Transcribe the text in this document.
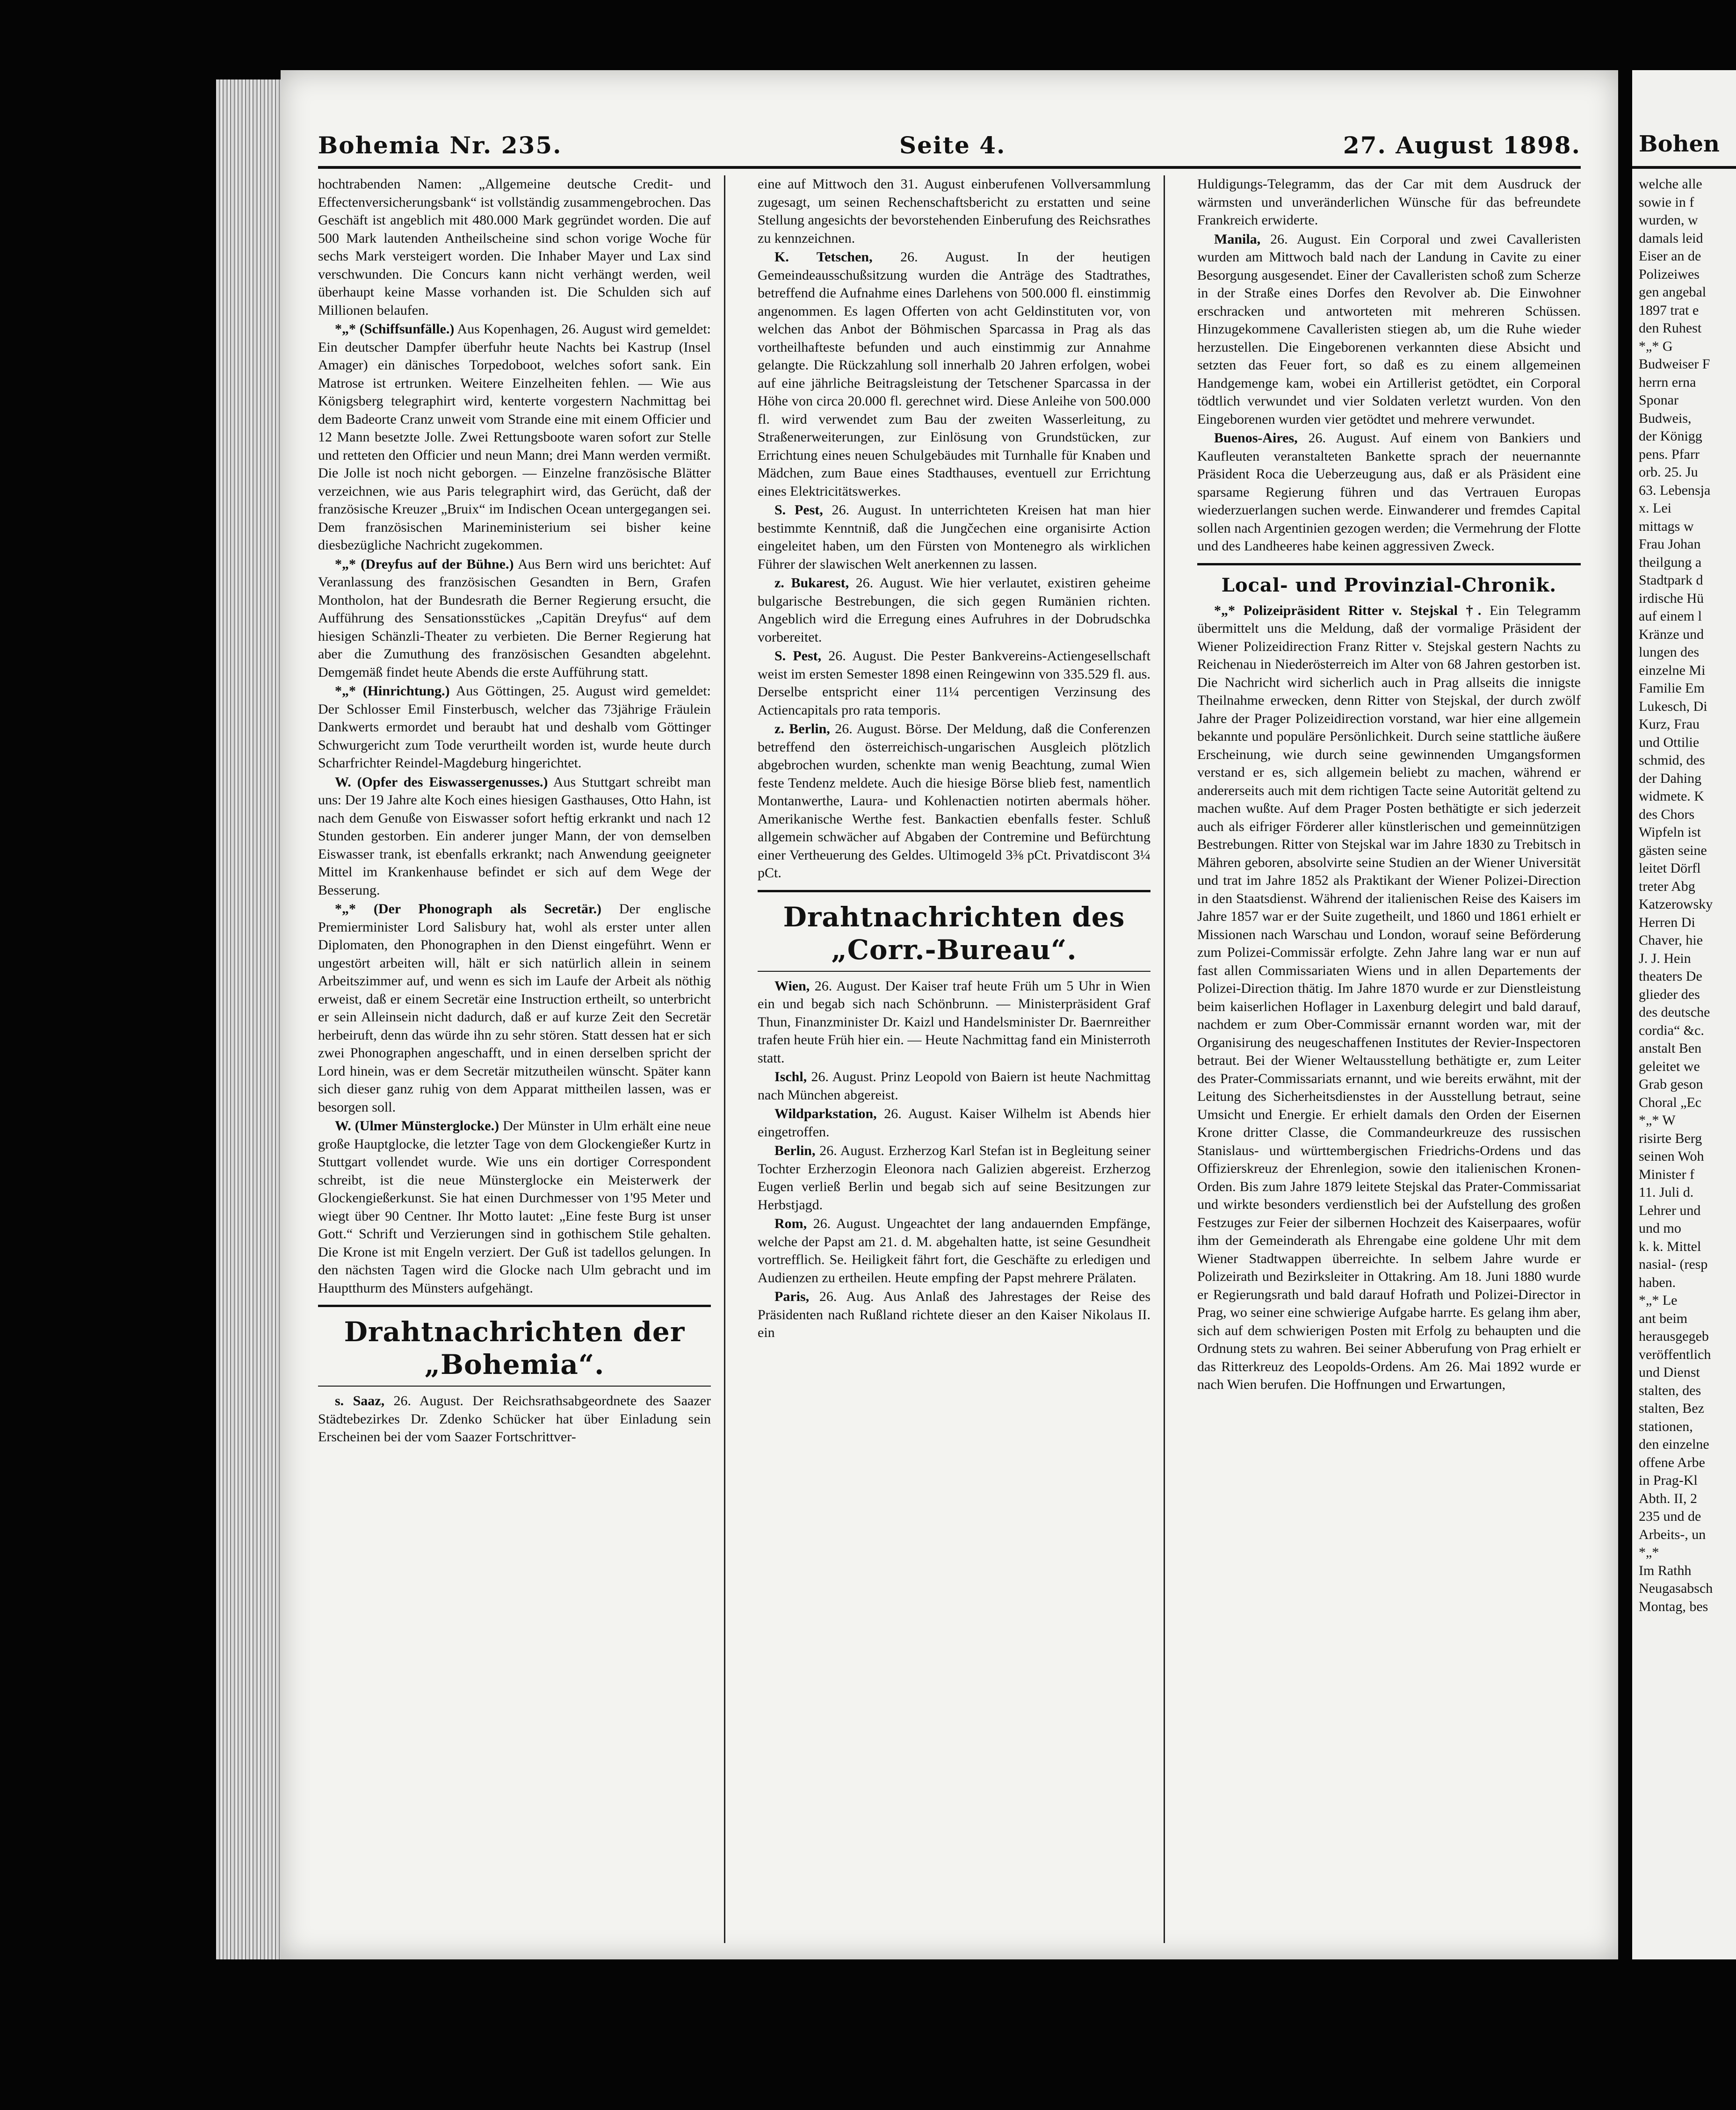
Bohemia Nr. 235.	Seite 4.	27. August 1898.

hochtrabenden Namen: „Allgemeine deutsche Credit- und Effectenversicherungsbank“ ist vollständig zusammengebrochen. Das Geschäft ist angeblich mit 480.000 Mark gegründet worden. Die auf 500 Mark lautenden Antheilscheine sind schon vorige Woche für sechs Mark versteigert worden. Die Inhaber Mayer und Lax sind verschwunden. Die Concurs kann nicht verhängt werden, weil überhaupt keine Masse vorhanden ist. Die Schulden sich auf Millionen belaufen.

*„* (Schiffsunfälle.) Aus Kopenhagen, 26. August wird gemeldet: Ein deutscher Dampfer überfuhr heute Nachts bei Kastrup (Insel Amager) ein dänisches Torpedoboot, welches sofort sank. Ein Matrose ist ertrunken. Weitere Einzelheiten fehlen. — Wie aus Königsberg telegraphirt wird, kenterte vorgestern Nachmittag bei dem Badeorte Cranz unweit vom Strande eine mit einem Officier und 12 Mann besetzte Jolle. Zwei Rettungsboote waren sofort zur Stelle und retteten den Officier und neun Mann; drei Mann werden vermißt. Die Jolle ist noch nicht geborgen. — Einzelne französische Blätter verzeichnen, wie aus Paris telegraphirt wird, das Gerücht, daß der französische Kreuzer „Bruix“ im Indischen Ocean untergegangen sei. Dem französischen Marineministerium sei bisher keine diesbezügliche Nachricht zugekommen.

*„* (Dreyfus auf der Bühne.) Aus Bern wird uns berichtet: Auf Veranlassung des französischen Gesandten in Bern, Grafen Montholon, hat der Bundesrath die Berner Regierung ersucht, die Aufführung des Sensationsstückes „Capitän Dreyfus“ auf dem hiesigen Schänzli-Theater zu verbieten. Die Berner Regierung hat aber die Zumuthung des französischen Gesandten abgelehnt. Demgemäß findet heute Abends die erste Aufführung statt.

*„* (Hinrichtung.) Aus Göttingen, 25. August wird gemeldet: Der Schlosser Emil Finsterbusch, welcher das 73jährige Fräulein Dankwerts ermordet und beraubt hat und deshalb vom Göttinger Schwurgericht zum Tode verurtheilt worden ist, wurde heute durch Scharfrichter Reindel-Magdeburg hingerichtet.

W. (Opfer des Eiswassergenusses.) Aus Stuttgart schreibt man uns: Der 19 Jahre alte Koch eines hiesigen Gasthauses, Otto Hahn, ist nach dem Genuße von Eiswasser sofort heftig erkrankt und nach 12 Stunden gestorben. Ein anderer junger Mann, der von demselben Eiswasser trank, ist ebenfalls erkrankt; nach Anwendung geeigneter Mittel im Krankenhause befindet er sich auf dem Wege der Besserung.

*„* (Der Phonograph als Secretär.) Der englische Premierminister Lord Salisbury hat, wohl als erster unter allen Diplomaten, den Phonographen in den Dienst eingeführt. Wenn er ungestört arbeiten will, hält er sich natürlich allein in seinem Arbeitszimmer auf, und wenn es sich im Laufe der Arbeit als nöthig erweist, daß er einem Secretär eine Instruction ertheilt, so unterbricht er sein Alleinsein nicht dadurch, daß er auf kurze Zeit den Secretär herbeiruft, denn das würde ihn zu sehr stören. Statt dessen hat er sich zwei Phonographen angeschafft, und in einen derselben spricht der Lord hinein, was er dem Secretär mitzutheilen wünscht. Später kann sich dieser ganz ruhig von dem Apparat mittheilen lassen, was er besorgen soll.

W. (Ulmer Münsterglocke.) Der Münster in Ulm erhält eine neue große Hauptglocke, die letzter Tage von dem Glockengießer Kurtz in Stuttgart vollendet wurde. Wie uns ein dortiger Correspondent schreibt, ist die neue Münsterglocke ein Meisterwerk der Glockengießerkunst. Sie hat einen Durchmesser von 1'95 Meter und wiegt über 90 Centner. Ihr Motto lautet: „Eine feste Burg ist unser Gott.“ Schrift und Verzierungen sind in gothischem Stile gehalten. Die Krone ist mit Engeln verziert. Der Guß ist tadellos gelungen. In den nächsten Tagen wird die Glocke nach Ulm gebracht und im Hauptthurm des Münsters aufgehängt.

Drahtnachrichten der „Bohemia“.

s. Saaz, 26. August. Der Reichsrathsabgeordnete des Saazer Städtebezirkes Dr. Zdenko Schücker hat über Einladung sein Erscheinen bei der vom Saazer Fortschrittver-

eine auf Mittwoch den 31. August einberufenen Vollversammlung zugesagt, um seinen Rechenschaftsbericht zu erstatten und seine Stellung angesichts der bevorstehenden Einberufung des Reichsrathes zu kennzeichnen.

K. Tetschen, 26. August. In der heutigen Gemeindeausschußsitzung wurden die Anträge des Stadtrathes, betreffend die Aufnahme eines Darlehens von 500.000 fl. einstimmig angenommen. Es lagen Offerten von acht Geldinstituten vor, von welchen das Anbot der Böhmischen Sparcassa in Prag als das vortheilhafteste befunden und auch einstimmig zur Annahme gelangte. Die Rückzahlung soll innerhalb 20 Jahren erfolgen, wobei auf eine jährliche Beitragsleistung der Tetschener Sparcassa in der Höhe von circa 20.000 fl. gerechnet wird. Diese Anleihe von 500.000 fl. wird verwendet zum Bau der zweiten Wasserleitung, zu Straßenerweiterungen, zur Einlösung von Grundstücken, zur Errichtung eines neuen Schulgebäudes mit Turnhalle für Knaben und Mädchen, zum Baue eines Stadthauses, eventuell zur Errichtung eines Elektricitätswerkes.

S. Pest, 26. August. In unterrichteten Kreisen hat man hier bestimmte Kenntniß, daß die Jungčechen eine organisirte Action eingeleitet haben, um den Fürsten von Montenegro als wirklichen Führer der slawischen Welt anerkennen zu lassen.

z. Bukarest, 26. August. Wie hier verlautet, existiren geheime bulgarische Bestrebungen, die sich gegen Rumänien richten. Angeblich wird die Erregung eines Aufruhres in der Dobrudschka vorbereitet.

S. Pest, 26. August. Die Pester Bankvereins-Actiengesellschaft weist im ersten Semester 1898 einen Reingewinn von 335.529 fl. aus. Derselbe entspricht einer 11¼ percentigen Verzinsung des Actiencapitals pro rata temporis.

z. Berlin, 26. August. Börse. Der Meldung, daß die Conferenzen betreffend den österreichisch-ungarischen Ausgleich plötzlich abgebrochen wurden, schenkte man wenig Beachtung, zumal Wien feste Tendenz meldete. Auch die hiesige Börse blieb fest, namentlich Montanwerthe, Laura- und Kohlenactien notirten abermals höher. Amerikanische Werthe fest. Bankactien ebenfalls fester. Schluß allgemein schwächer auf Abgaben der Contremine und Befürchtung einer Vertheuerung des Geldes. Ultimogeld 3⅜ pCt. Privatdiscont 3¼ pCt.

Drahtnachrichten des „Corr.-Bureau“.

Wien, 26. August. Der Kaiser traf heute Früh um 5 Uhr in Wien ein und begab sich nach Schönbrunn. — Ministerpräsident Graf Thun, Finanzminister Dr. Kaizl und Handelsminister Dr. Baernreither trafen heute Früh hier ein. — Heute Nachmittag fand ein Ministerroth statt.

Ischl, 26. August. Prinz Leopold von Baiern ist heute Nachmittag nach München abgereist.

Wildparkstation, 26. August. Kaiser Wilhelm ist Abends hier eingetroffen.

Berlin, 26. August. Erzherzog Karl Stefan ist in Begleitung seiner Tochter Erzherzogin Eleonora nach Galizien abgereist. Erzherzog Eugen verließ Berlin und begab sich auf seine Besitzungen zur Herbstjagd.

Rom, 26. August. Ungeachtet der lang andauernden Empfänge, welche der Papst am 21. d. M. abgehalten hatte, ist seine Gesundheit vortrefflich. Se. Heiligkeit fährt fort, die Geschäfte zu erledigen und Audienzen zu ertheilen. Heute empfing der Papst mehrere Prälaten.

Paris, 26. Aug. Aus Anlaß des Jahrestages der Reise des Präsidenten nach Rußland richtete dieser an den Kaiser Nikolaus II. ein

Huldigungs-Telegramm, das der Car mit dem Ausdruck der wärmsten und unveränderlichen Wünsche für das befreundete Frankreich erwiderte.

Manila, 26. August. Ein Corporal und zwei Cavalleristen wurden am Mittwoch bald nach der Landung in Cavite zu einer Besorgung ausgesendet. Einer der Cavalleristen schoß zum Scherze in der Straße eines Dorfes den Revolver ab. Die Einwohner erschracken und antworteten mit mehreren Schüssen. Hinzugekommene Cavalleristen stiegen ab, um die Ruhe wieder herzustellen. Die Eingeborenen verkannten diese Absicht und setzten das Feuer fort, so daß es zu einem allgemeinen Handgemenge kam, wobei ein Artillerist getödtet, ein Corporal tödtlich verwundet und vier Soldaten verletzt wurden. Von den Eingeborenen wurden vier getödtet und mehrere verwundet.

Buenos-Aires, 26. August. Auf einem von Bankiers und Kaufleuten veranstalteten Bankette sprach der neuernannte Präsident Roca die Ueberzeugung aus, daß er als Präsident eine sparsame Regierung führen und das Vertrauen Europas wiederzuerlangen suchen werde. Einwanderer und fremdes Capital sollen nach Argentinien gezogen werden; die Vermehrung der Flotte und des Landheeres habe keinen aggressiven Zweck.

Local- und Provinzial-Chronik.

*„* Polizeipräsident Ritter v. Stejskal †. Ein Telegramm übermittelt uns die Meldung, daß der vormalige Präsident der Wiener Polizeidirection Franz Ritter v. Stejskal gestern Nachts zu Reichenau in Niederösterreich im Alter von 68 Jahren gestorben ist. Die Nachricht wird sicherlich auch in Prag allseits die innigste Theilnahme erwecken, denn Ritter von Stejskal, der durch zwölf Jahre der Prager Polizeidirection vorstand, war hier eine allgemein bekannte und populäre Persönlichkeit. Durch seine stattliche äußere Erscheinung, wie durch seine gewinnenden Umgangsformen verstand er es, sich allgemein beliebt zu machen, während er andererseits auch mit dem richtigen Tacte seine Autorität geltend zu machen wußte. Auf dem Prager Posten bethätigte er sich jederzeit auch als eifriger Förderer aller künstlerischen und gemeinnützigen Bestrebungen. Ritter von Stejskal war im Jahre 1830 zu Trebitsch in Mähren geboren, absolvirte seine Studien an der Wiener Universität und trat im Jahre 1852 als Praktikant der Wiener Polizei-Direction in den Staatsdienst. Während der italienischen Reise des Kaisers im Jahre 1857 war er der Suite zugetheilt, und 1860 und 1861 erhielt er Missionen nach Warschau und London, worauf seine Beförderung zum Polizei-Commissär erfolgte. Zehn Jahre lang war er nun auf fast allen Commissariaten Wiens und in allen Departements der Polizei-Direction thätig. Im Jahre 1870 wurde er zur Dienstleistung beim kaiserlichen Hoflager in Laxenburg delegirt und bald darauf, nachdem er zum Ober-Commissär ernannt worden war, mit der Organisirung des neugeschaffenen Institutes der Revier-Inspectoren betraut. Bei der Wiener Weltausstellung bethätigte er, zum Leiter des Prater-Commissariats ernannt, und wie bereits erwähnt, mit der Leitung des Sicherheitsdienstes in der Ausstellung betraut, seine Umsicht und Energie. Er erhielt damals den Orden der Eisernen Krone dritter Classe, die Commandeurkreuze des russischen Stanislaus- und württembergischen Friedrichs-Ordens und das Offizierskreuz der Ehrenlegion, sowie den italienischen Kronen-Orden. Bis zum Jahre 1879 leitete Stejskal das Prater-Commissariat und wirkte besonders verdienstlich bei der Aufstellung des großen Festzuges zur Feier der silbernen Hochzeit des Kaiserpaares, wofür ihm der Gemeinderath als Ehrengabe eine goldene Uhr mit dem Wiener Stadtwappen überreichte. In selbem Jahre wurde er Polizeirath und Bezirksleiter in Ottakring. Am 18. Juni 1880 wurde er Regierungsrath und bald darauf Hofrath und Polizei-Director in Prag, wo seiner eine schwierige Aufgabe harrte. Es gelang ihm aber, sich auf dem schwierigen Posten mit Erfolg zu behaupten und die Ordnung stets zu wahren. Bei seiner Abberufung von Prag erhielt er das Ritterkreuz des Leopolds-Ordens. Am 26. Mai 1892 wurde er nach Wien berufen. Die Hoffnungen und Erwartungen,

Bohen
welche alle
sowie in f
wurden, w
damals leid
Eiser an de
Polizeiwes
gen angebal
1897 trat e
den Ruhest
*„* G
Budweiser F
herrn erna
Sponar
Budweis,
der Königg
pens. Pfarr
orb. 25. Ju
63. Lebensja
x. Lei
mittags w
Frau Johan
theilgung a
Stadtpark d
irdische Hü
auf einem l
Kränze und
lungen des
einzelne Mi
Familie Em
Lukesch, Di
Kurz, Frau
und Ottilie
schmid, des
der Dahing
widmete. K
des Chors
Wipfeln ist
gästen seine
leitet Dörfl
treter Abg
Katzerowsky
Herren Di
Chaver, hie
J. J. Hein
theaters De
glieder des
des deutsche
cordia“ &c.
anstalt Ben
geleitet we
Grab geson
Choral „Ec
*„* W
risirte Berg
seinen Woh
Minister f
11. Juli d.
Lehrer und
und mo
k. k. Mittel
nasial- (resp
haben.
*„* Le
ant beim
herausgegeb
veröffentlich
und Dienst
stalten, des
stalten, Bez
stationen,
den einzelne
offene Arbe
in Prag-Kl
Abth. II, 2
235 und de
Arbeits-, un
*„*
Im Rathh
Neugasabsch
Montag, bes
